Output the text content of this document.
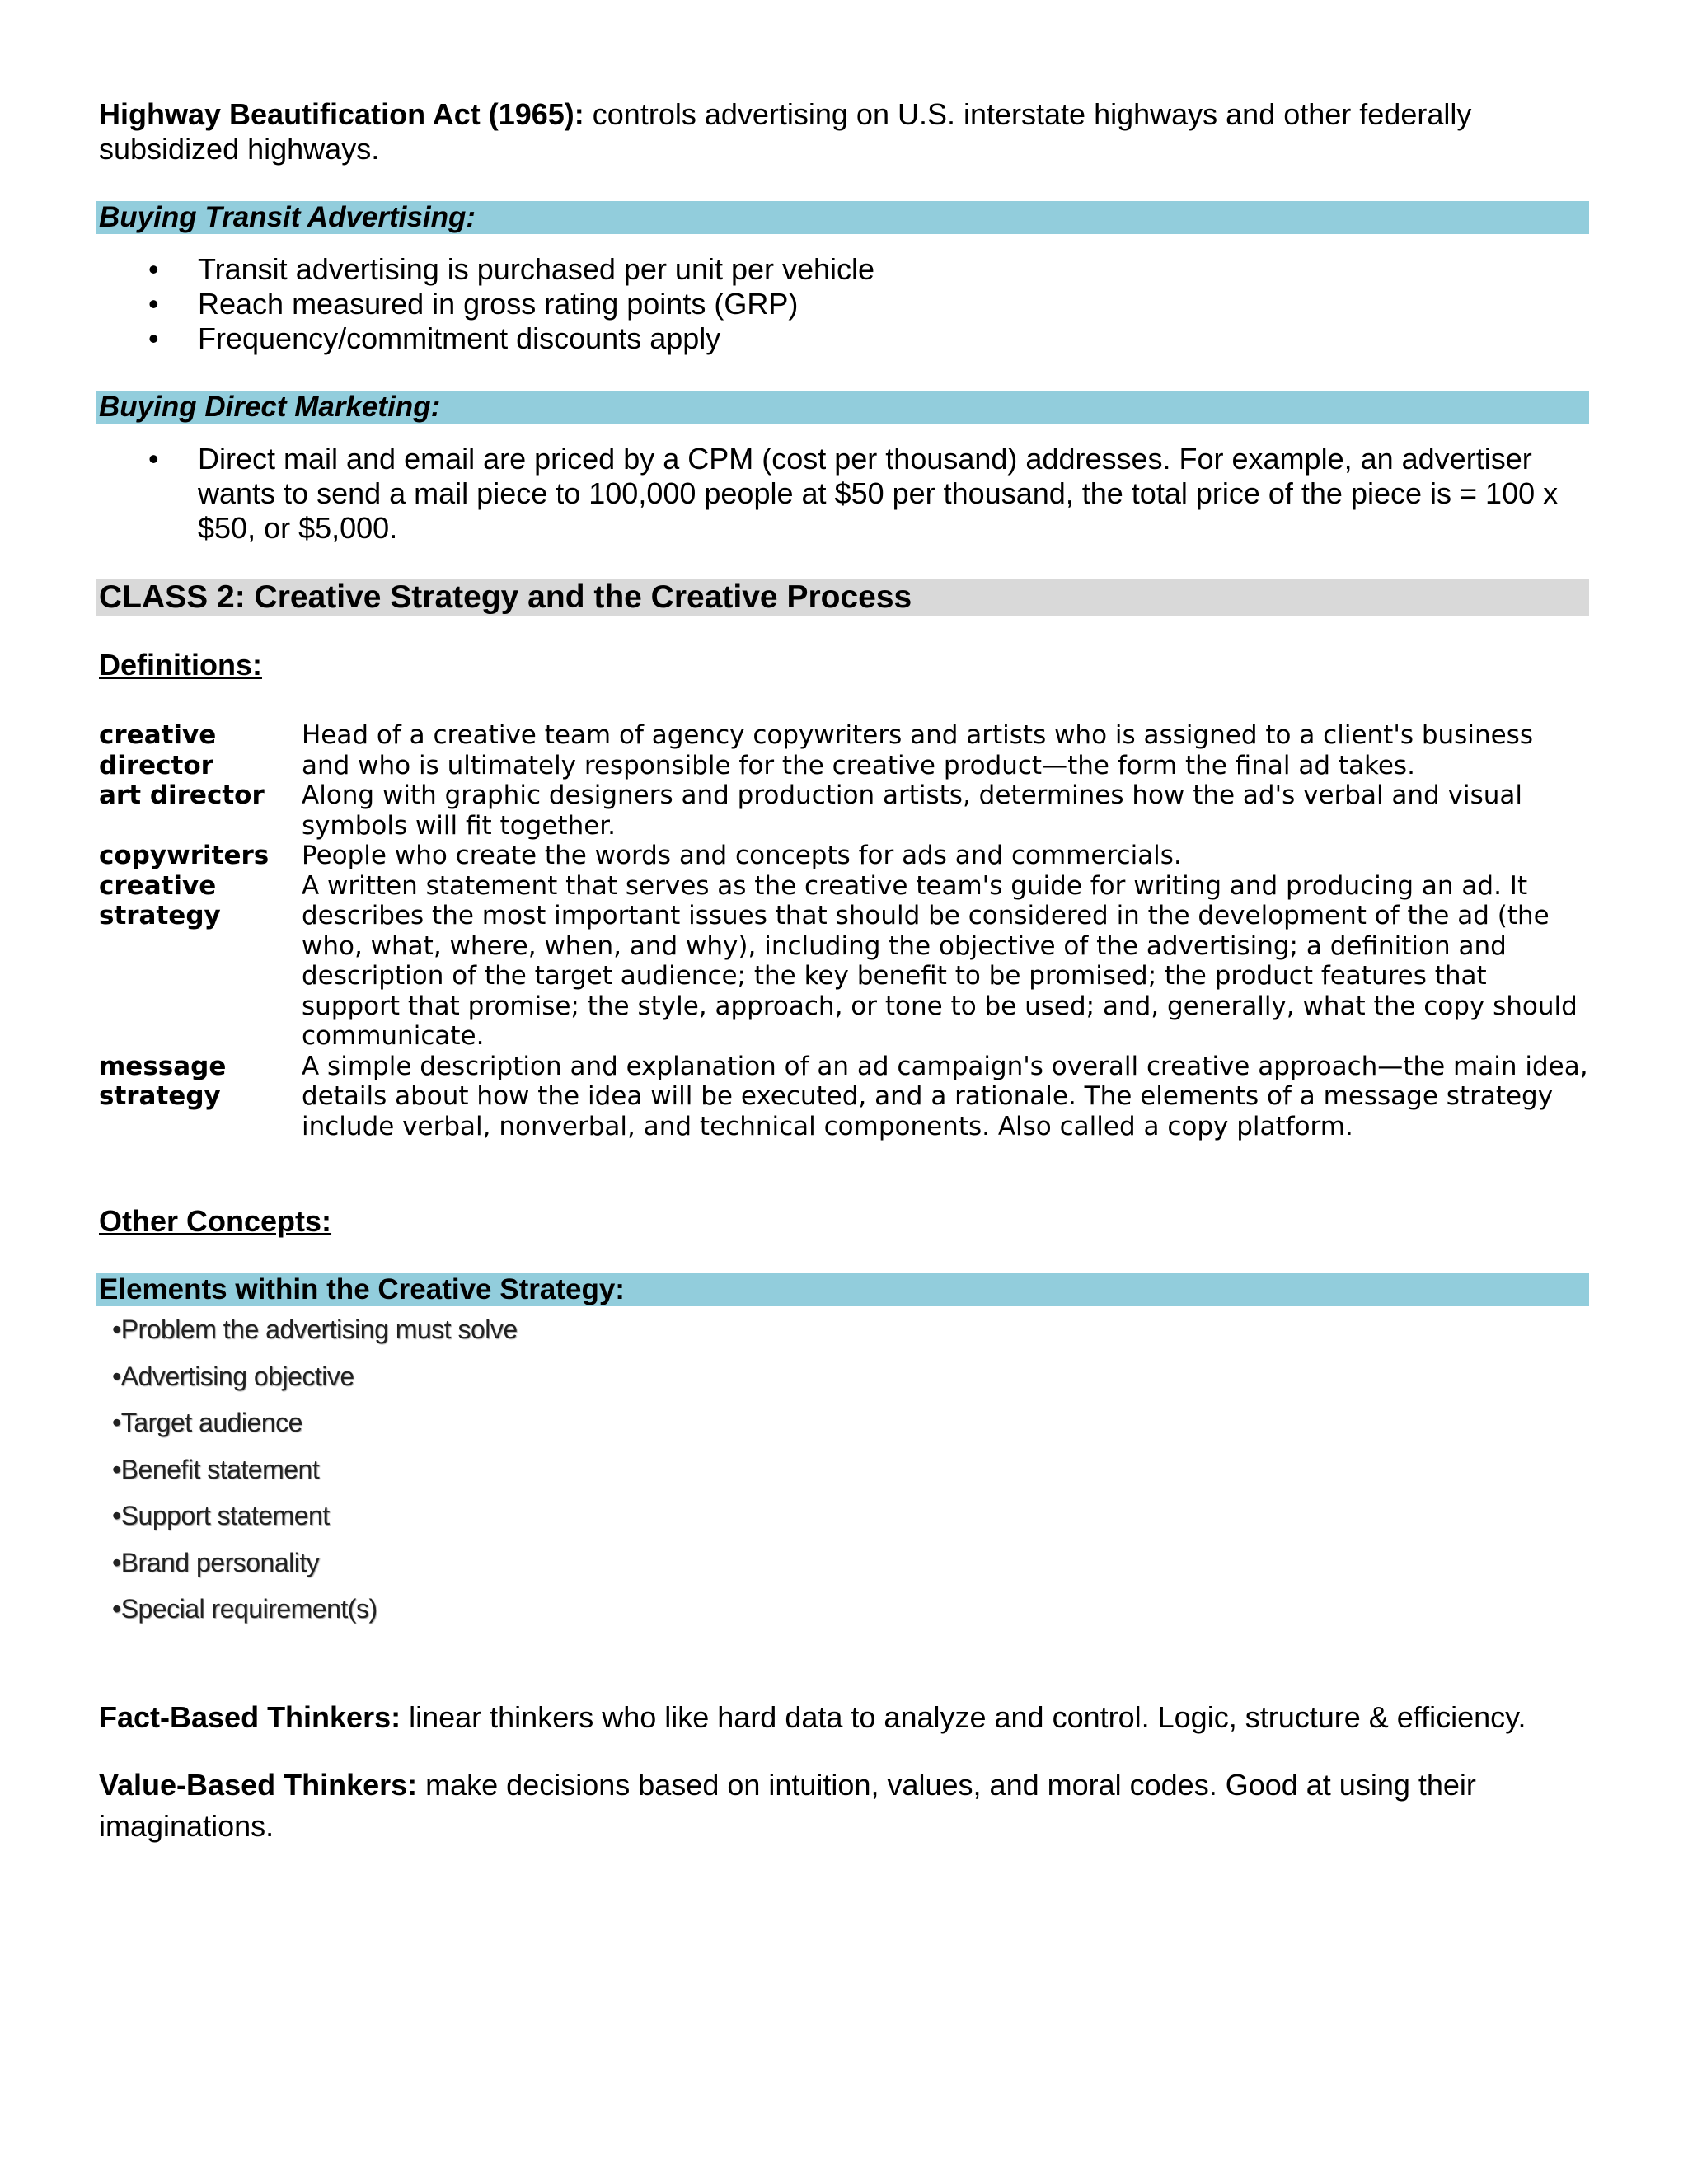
Highway Beautification Act (1965): controls advertising on U.S. interstate highways and other federally subsidized highways.

Buying Transit Advertising:
• Transit advertising is purchased per unit per vehicle
• Reach measured in gross rating points (GRP)
• Frequency/commitment discounts apply
Buying Direct Marketing:
• Direct mail and email are priced by a CPM (cost per thousand) addresses. For example, an advertiser wants to send a mail piece to 100,000 people at $50 per thousand, the total price of the piece is = 100 x $50, or $5,000.
CLASS 2: Creative Strategy and the Creative Process
Definitions:
creative director
Head of a creative team of agency copywriters and artists who is assigned to a client's business and who is ultimately responsible for the creative product—the form the final ad takes.
art director	Along with graphic designers and production artists, determines how the ad's verbal and visual symbols will fit together.
copywriters	People who create the words and concepts for ads and commercials.
creative strategy
A written statement that serves as the creative team's guide for writing and producing an ad. It describes the most important issues that should be considered in the development of the ad (the who, what, where, when, and why), including the objective of the advertising; a definition and description of the target audience; the key benefit to be promised; the product features that support that promise; the style, approach, or tone to be used; and, generally, what the copy should communicate.
message strategy
A simple description and explanation of an ad campaign's overall creative approach—the main idea, details about how the idea will be executed, and a rationale. The elements of a message strategy include verbal, nonverbal, and technical components. Also called a copy platform.
Other Concepts:
Elements within the Creative Strategy:
•Problem the advertising must solve
•Advertising objective
•Target audience
•Benefit statement
•Support statement
•Brand personality
•Special requirement(s)

Fact-Based Thinkers: linear thinkers who like hard data to analyze and control. Logic, structure & efficiency.

Value-Based Thinkers: make decisions based on intuition, values, and moral codes. Good at using their imaginations.
